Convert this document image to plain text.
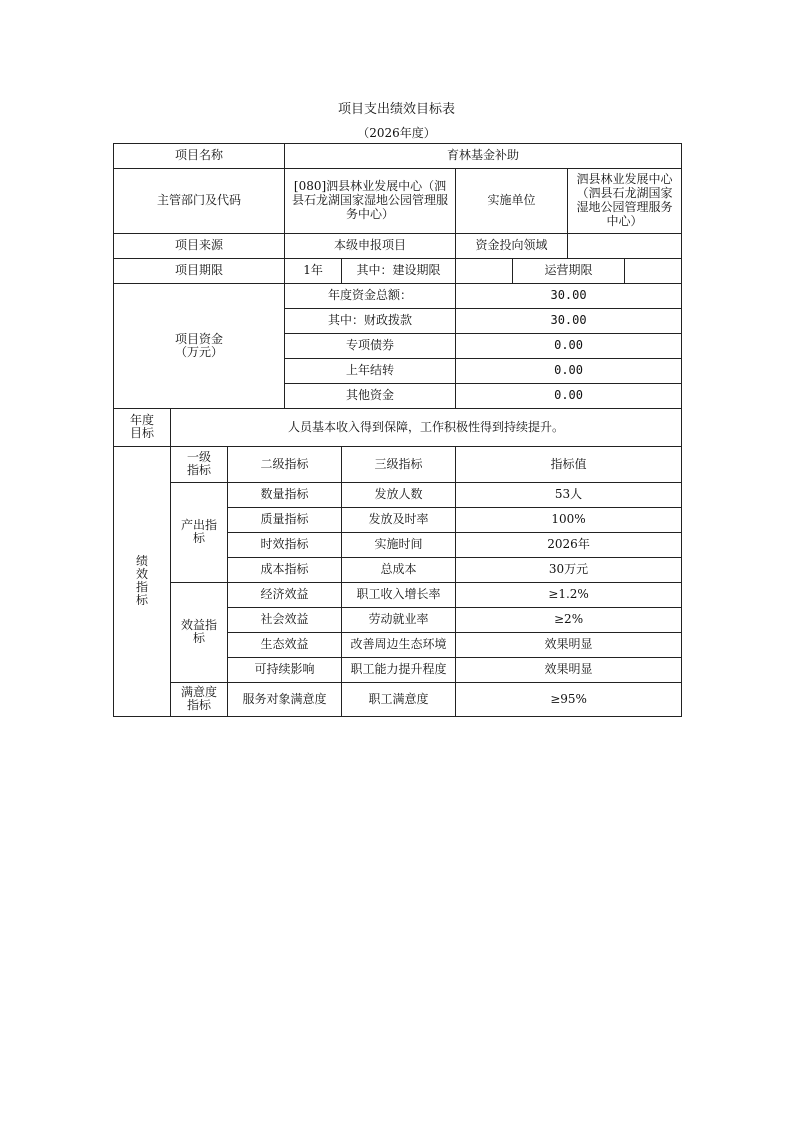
项目支出绩效目标表
（2026年度）
项目名称			育林基金补助					
主管部门及代码			[080]泗县林业发展中心（泗县石龙湖国家湿地公园管理服务中心）		实施单位		泗县林业发展中心（泗县石龙湖国家湿地公园管理服务中心）	
项目来源			本级申报项目		资金投向领域			
项目期限			1年	其中：建设期限		运营期限		

项目资金
（万元）			年度资金总额：		30.00			
			其中：财政拨款		30.00			
			专项债券		0.00			
			上年结转		0.00			
			其他资金		0.00			
年度目标	人员基本收入得到保障，工作积极性得到持续提升。							
绩效指标	一级指标	二级指标		三级指标	指标值			
	产出指标	数量指标		发放人数	53人			
		质量指标		发放及时率	100%			
		时效指标		实施时间	2026年			
		成本指标		总成本	30万元			
	效益指标	经济效益		职工收入增长率	≥1.2%			
		社会效益		劳动就业率	≥2%			
		生态效益		改善周边生态环境	效果明显			
		可持续影响		职工能力提升程度	效果明显			
	满意度指标	服务对象满意度		职工满意度	≥95%			
